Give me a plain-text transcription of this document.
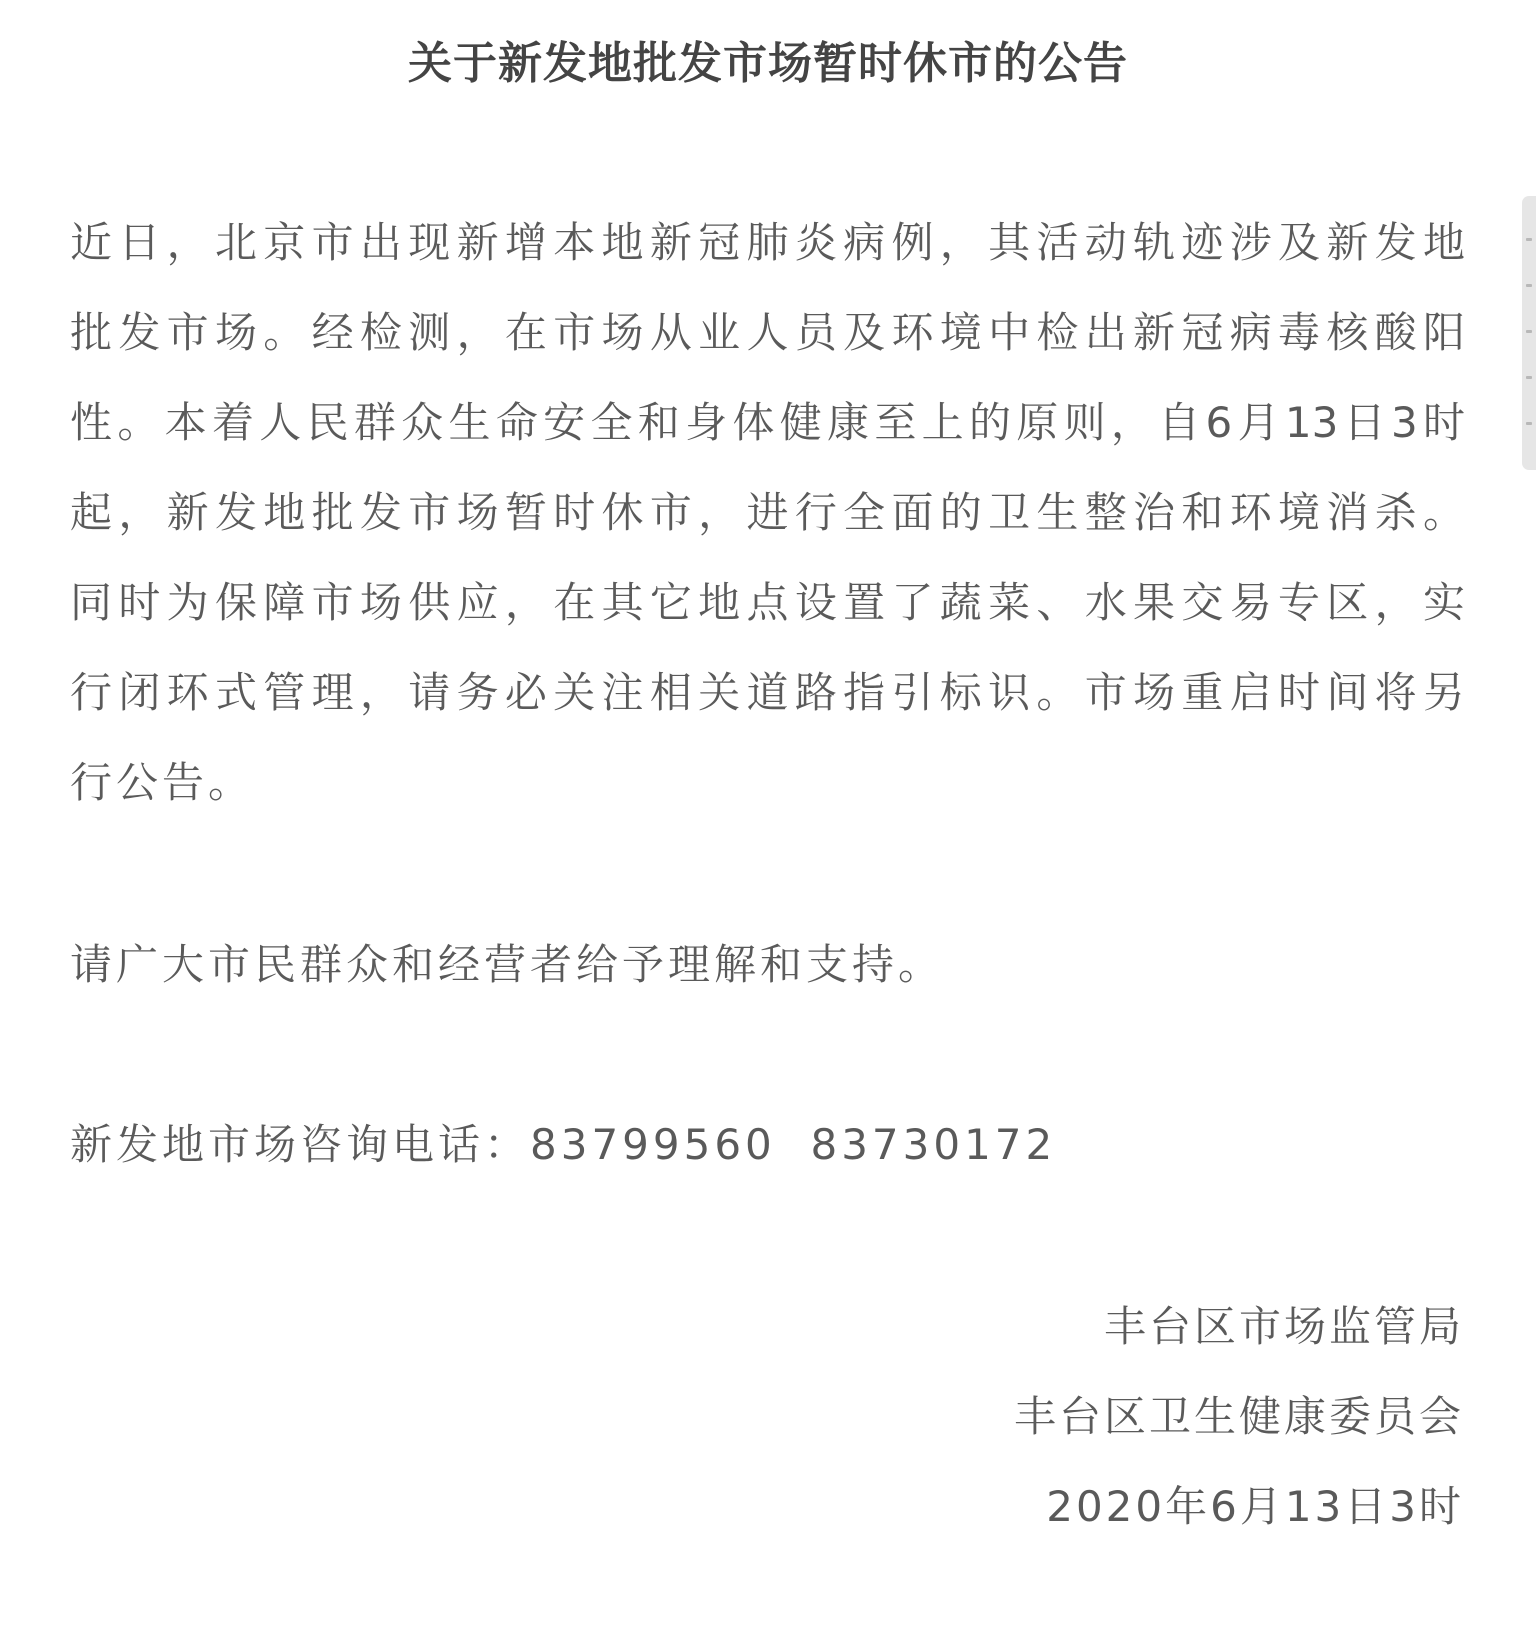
关于新发地批发市场暂时休市的公告
近日，北京市出现新增本地新冠肺炎病例，其活动轨迹涉及新发地
批发市场。经检测，在市场从业人员及环境中检出新冠病毒核酸阳
性。本着人民群众生命安全和身体健康至上的原则，自6月13日3时
起，新发地批发市场暂时休市，进行全面的卫生整治和环境消杀。
同时为保障市场供应，在其它地点设置了蔬菜、水果交易专区，实
行闭环式管理，请务必关注相关道路指引标识。市场重启时间将另
行公告。
请广大市民群众和经营者给予理解和支持。
新发地市场咨询电话：83799560  83730172
丰台区市场监管局
丰台区卫生健康委员会
2020年6月13日3时
